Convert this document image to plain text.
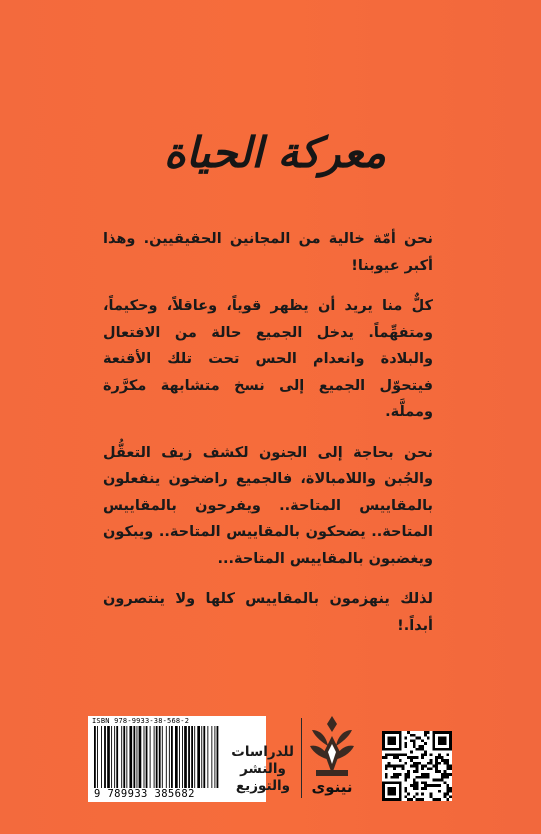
معركة الحياة

نحن أمّة خالية من المجانين الحقيقيين. وهذا أكبر عيوبنا!

كلٌّ منا يريد أن يظهر قوياً، وعاقلاً، وحكيماً، ومتفهِّماً. يدخل الجميع حالة من الافتعال والبلادة وانعدام الحس تحت تلك الأقنعة فيتحوّل الجميع إلى نسخ متشابهة مكرَّرة ومملَّة.

نحن بحاجة إلى الجنون لكشف زيف التعقُّل والجُبن واللامبالاة، فالجميع راضخون ينفعلون بالمقاييس المتاحة.. ويفرحون بالمقاييس المتاحة.. يضحكون بالمقاييس المتاحة.. ويبكون ويغضبون بالمقاييس المتاحة...

لذلك ينهزمون بالمقاييس كلها ولا ينتصرون أبداً.!

ISBN 978-9933-38-568-2
9 789933 385682
للدراسات
والنشر
والتوزيع	نينوى
